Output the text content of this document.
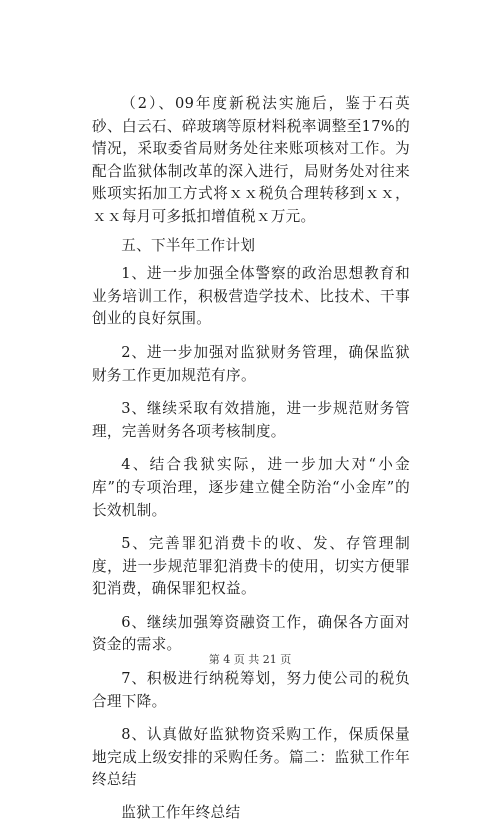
（2）、09年度新税法实施后，鉴于石英砂、白云石、碎玻璃等原材料税率调整至17%的情况，采取委省局财务处往来账项核对工作。为配合监狱体制改革的深入进行，局财务处对往来账项实拓加工方式将ｘｘ税负合理转移到ｘｘ，ｘｘ每月可多抵扣增值税ｘ万元。

五、下半年工作计划

1、进一步加强全体警察的政治思想教育和业务培训工作，积极营造学技术、比技术、干事创业的良好氛围。

2、进一步加强对监狱财务管理，确保监狱财务工作更加规范有序。

3、继续采取有效措施，进一步规范财务管理，完善财务各项考核制度。

4、结合我狱实际，进一步加大对“小金库”的专项治理，逐步建立健全防治“小金库”的长效机制。

5、完善罪犯消费卡的收、发、存管理制度，进一步规范罪犯消费卡的使用，切实方便罪犯消费，确保罪犯权益。

6、继续加强筹资融资工作，确保各方面对资金的需求。

7、积极进行纳税筹划，努力使公司的税负合理下降。

8、认真做好监狱物资采购工作，保质保量地完成上级安排的采购任务。篇二：监狱工作年终总结

监狱工作年终总结

第 4 页 共 21 页
